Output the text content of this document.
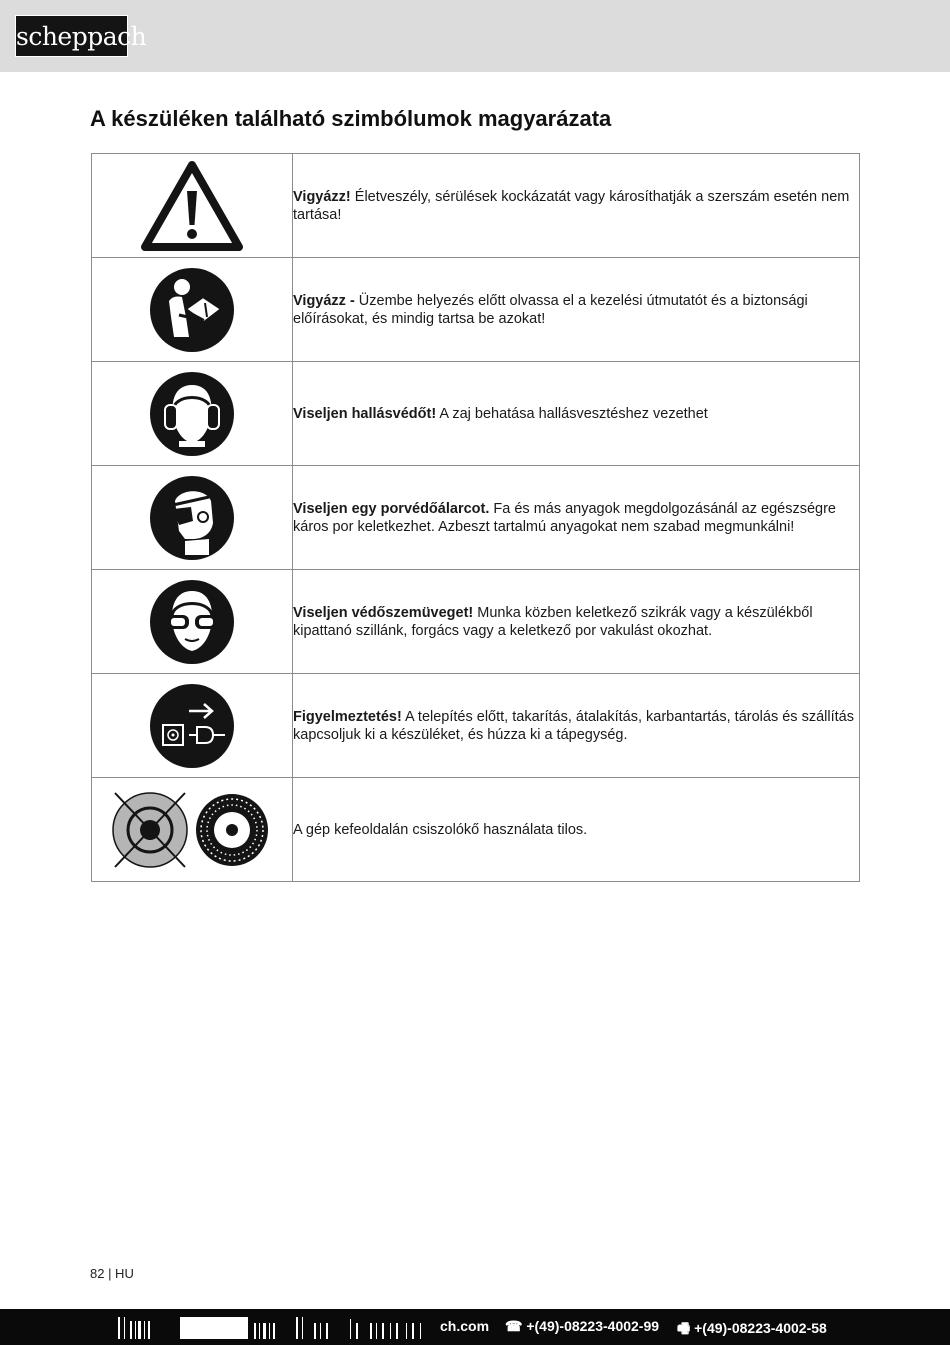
scheppach
A készüléken található szimbólumok magyarázata
	Vigyázz! Életveszély, sérülések kockázatát vagy károsíthatják a szerszám esetén nem tartása!

	Vigyázz - Üzembe helyezés előtt olvassa el a kezelési útmutatót és a biztonsági előírásokat, és mindig tartsa be azokat!

	Viseljen hallásvédőt! A zaj behatása hallásvesztéshez vezethet

	Viseljen egy porvédőálarcot. Fa és más anyagok megdolgozásánál az egészségre káros por keletkezhet. Azbeszt tartalmú anyagokat nem szabad megmunkálni!

	Viseljen védőszemüveget! Munka közben keletkező szikrák vagy a készülékből kipattanó szillánk, forgács vagy a keletkező por vakulást okozhat.

	Figyelmeztetés! A telepítés előtt, takarítás, átalakítás, karbantartás, tárolás és szállítás kapcsoljuk ki a készüléket, és húzza ki a tápegység.

	A gép kefeoldalán csiszolókő használata tilos.
82 | HU
ch.com ☎ +(49)-08223-4002-99 🖷 +(49)-08223-4002-58
